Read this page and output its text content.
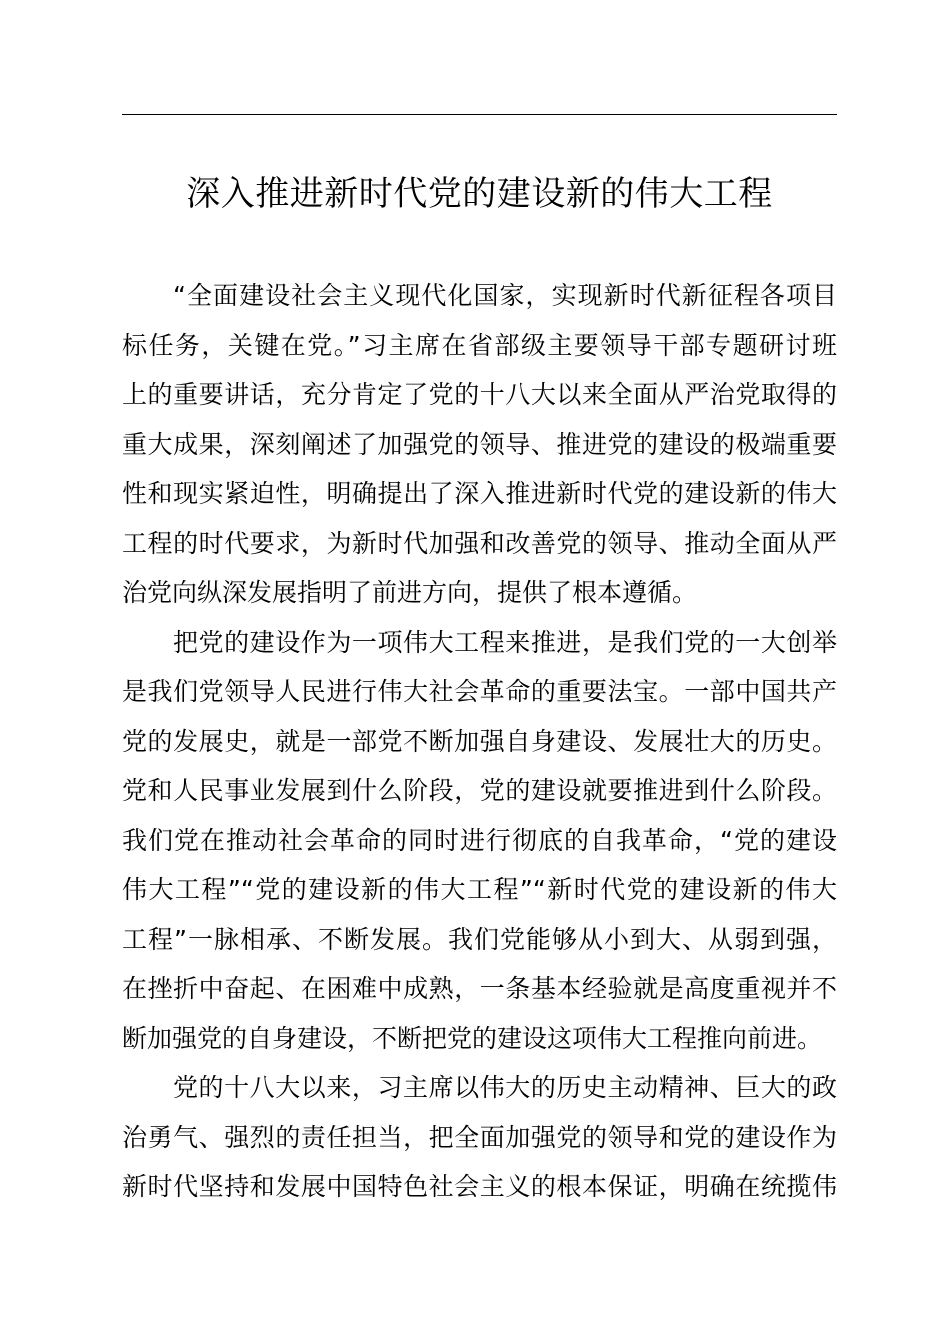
深入推进新时代党的建设新的伟大工程

“全面建设社会主义现代化国家，实现新时代新征程各项目
标任务，关键在党。”习主席在省部级主要领导干部专题研讨班
上的重要讲话，充分肯定了党的十八大以来全面从严治党取得的
重大成果，深刻阐述了加强党的领导、推进党的建设的极端重要
性和现实紧迫性，明确提出了深入推进新时代党的建设新的伟大
工程的时代要求，为新时代加强和改善党的领导、推动全面从严
治党向纵深发展指明了前进方向，提供了根本遵循。

把党的建设作为一项伟大工程来推进，是我们党的一大创举
是我们党领导人民进行伟大社会革命的重要法宝。一部中国共产
党的发展史，就是一部党不断加强自身建设、发展壮大的历史。
党和人民事业发展到什么阶段，党的建设就要推进到什么阶段。
我们党在推动社会革命的同时进行彻底的自我革命，“党的建设
伟大工程”“党的建设新的伟大工程”“新时代党的建设新的伟大
工程”一脉相承、不断发展。我们党能够从小到大、从弱到强，
在挫折中奋起、在困难中成熟，一条基本经验就是高度重视并不
断加强党的自身建设，不断把党的建设这项伟大工程推向前进。

党的十八大以来，习主席以伟大的历史主动精神、巨大的政
治勇气、强烈的责任担当，把全面加强党的领导和党的建设作为
新时代坚持和发展中国特色社会主义的根本保证，明确在统揽伟
